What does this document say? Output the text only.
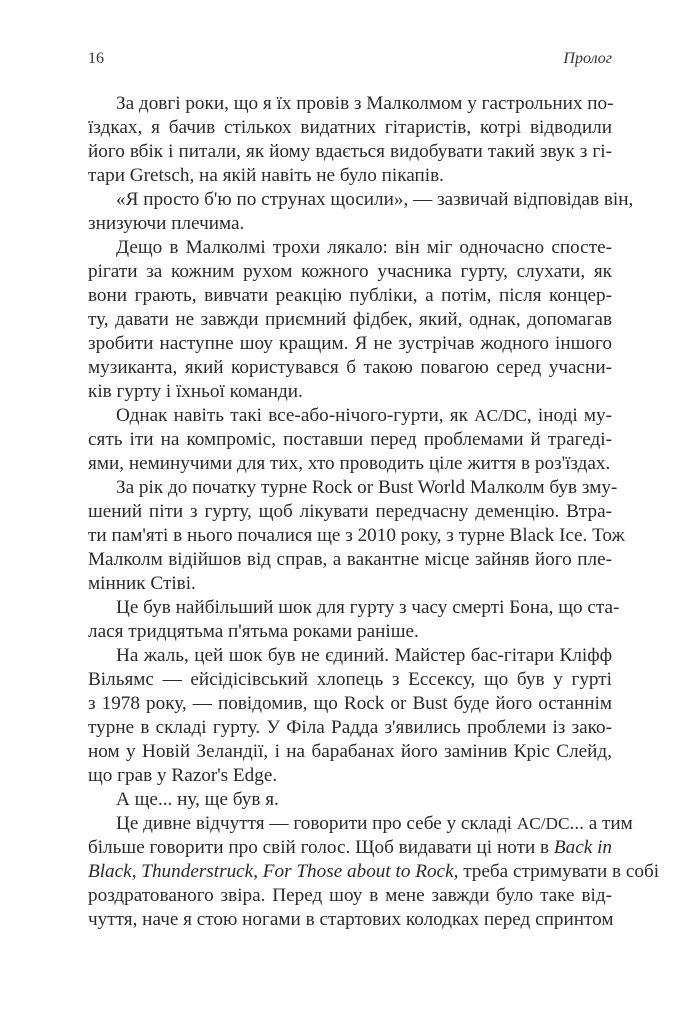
16	Пролог
За довгі роки, що я їх провів з Малколмом у гастрольних по-
їздках, я бачив стількох видатних гітаристів, котрі відводили
його вбік і питали, як йому вдається видобувати такий звук з гі-
тари Gretsch, на якій навіть не було пікапів.
«Я просто б'ю по струнах щосили», — зазвичай відповідав він,
знизуючи плечима.
Дещо в Малколмі трохи лякало: він міг одночасно спосте-
рігати за кожним рухом кожного учасника гурту, слухати, як
вони грають, вивчати реакцію публіки, а потім, після концер-
ту, давати не завжди приємний фідбек, який, однак, допомагав
зробити наступне шоу кращим. Я не зустрічав жодного іншого
музиканта, який користувався б такою повагою серед учасни-
ків гурту і їхньої команди.
Однак навіть такі все-або-нічого-гурти, як AC/DC, іноді му-
сять іти на компроміс, поставши перед проблемами й трагеді-
ями, неминучими для тих, хто проводить ціле життя в роз'їздах.
За рік до початку турне Rock or Bust World Малколм був зму-
шений піти з гурту, щоб лікувати передчасну деменцію. Втра-
ти пам'яті в нього почалися ще з 2010 року, з турне Black Ice. Тож
Малколм відійшов від справ, а вакантне місце зайняв його пле-
мінник Стіві.
Це був найбільший шок для гурту з часу смерті Бона, що ста-
лася тридцятьма п'ятьма роками раніше.
На жаль, цей шок був не єдиний. Майстер бас-гітари Кліфф
Вільямс — ейсідісівський хлопець з Ессексу, що був у гурті
з 1978 року, — повідомив, що Rock or Bust буде його останнім
турне в складі гурту. У Філа Радда з'явились проблеми із зако-
ном у Новій Зеландії, і на барабанах його замінив Кріс Слейд,
що грав у Razor's Edge.
А ще... ну, ще був я.
Це дивне відчуття — говорити про себе у складі AC/DC... а тим
більше говорити про свій голос. Щоб видавати ці ноти в Back in
Black, Thunderstruck, For Those about to Rock, треба стримувати в собі
роздратованого звіра. Перед шоу в мене завжди було таке від-
чуття, наче я стою ногами в стартових колодках перед спринтом
